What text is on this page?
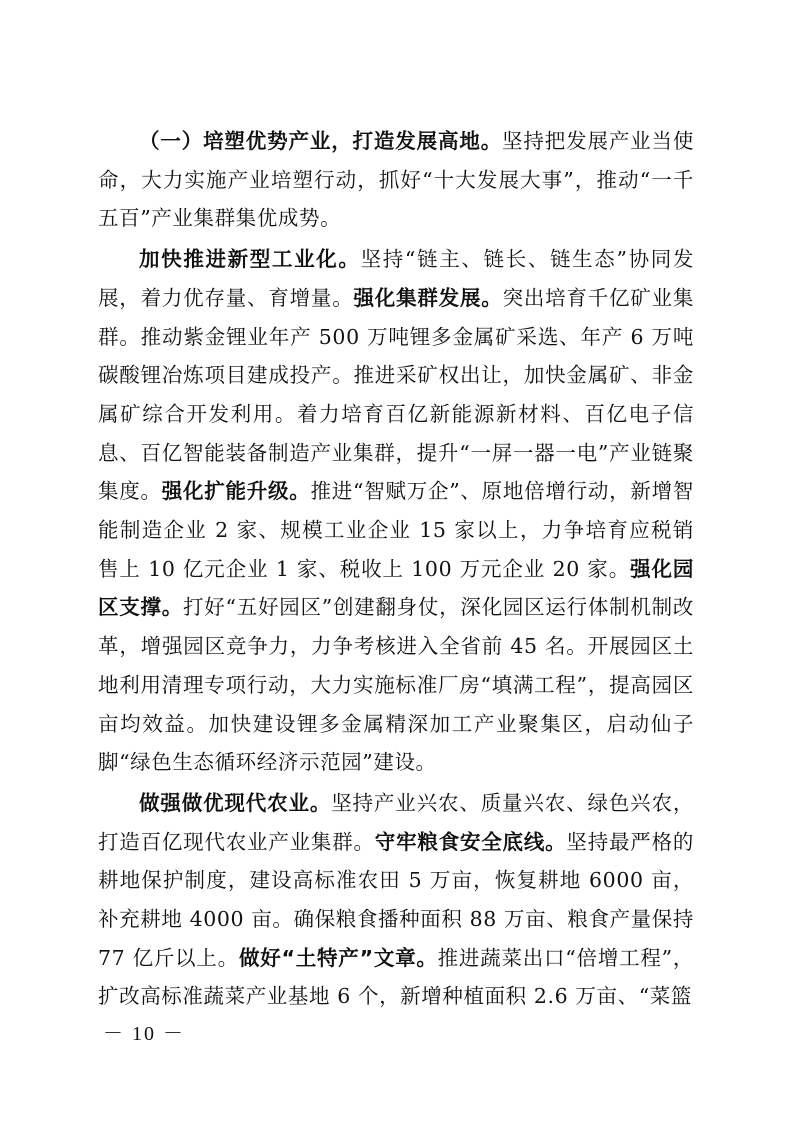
（一）培塑优势产业，打造发展高地。坚持把发展产业当使命，大力实施产业培塑行动，抓好“十大发展大事”，推动“一千五百”产业集群集优成势。

加快推进新型工业化。坚持“链主、链长、链生态”协同发展，着力优存量、育增量。强化集群发展。突出培育千亿矿业集群。推动紫金锂业年产 500 万吨锂多金属矿采选、年产 6 万吨碳酸锂冶炼项目建成投产。推进采矿权出让，加快金属矿、非金属矿综合开发利用。着力培育百亿新能源新材料、百亿电子信息、百亿智能装备制造产业集群，提升“一屏一器一电”产业链聚集度。强化扩能升级。推进“智赋万企”、原地倍增行动，新增智能制造企业 2 家、规模工业企业 15 家以上，力争培育应税销售上 10 亿元企业 1 家、税收上 100 万元企业 20 家。强化园区支撑。打好“五好园区”创建翻身仗，深化园区运行体制机制改革，增强园区竞争力，力争考核进入全省前 45 名。开展园区土地利用清理专项行动，大力实施标准厂房“填满工程”，提高园区亩均效益。加快建设锂多金属精深加工产业聚集区，启动仙子脚“绿色生态循环经济示范园”建设。

做强做优现代农业。坚持产业兴农、质量兴农、绿色兴农，打造百亿现代农业产业集群。守牢粮食安全底线。坚持最严格的耕地保护制度，建设高标准农田 5 万亩，恢复耕地 6000 亩，补充耕地 4000 亩。确保粮食播种面积 88 万亩、粮食产量保持 77 亿斤以上。做好“土特产”文章。推进蔬菜出口“倍增工程”，扩改高标准蔬菜产业基地 6 个，新增种植面积 2.6 万亩、“菜篮

－ 10 －
